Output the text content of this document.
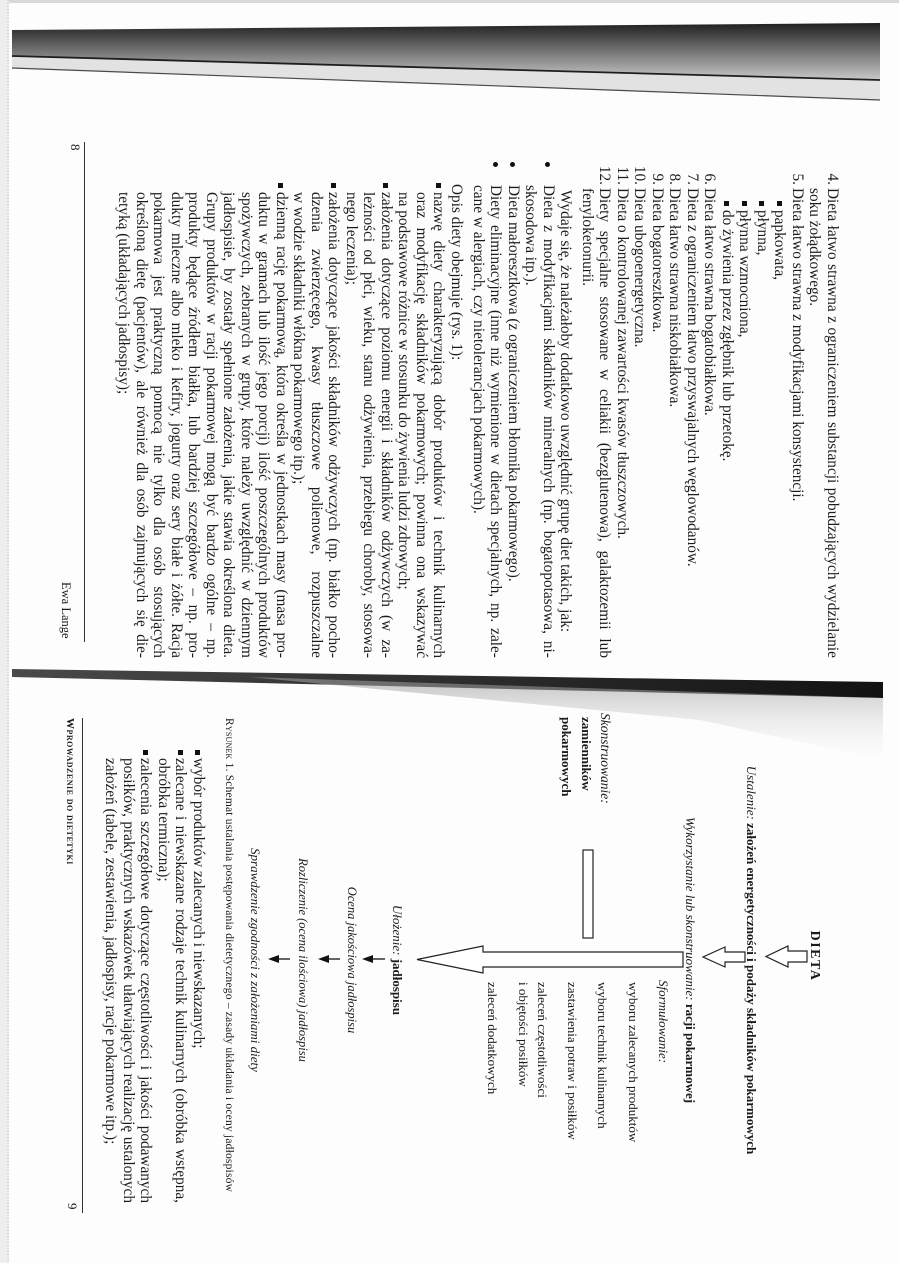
4.
Dieta
łatwo
strawna
z
ograniczeniem
substancji
pobudzających
wydzielanie
soku żołądkowego.
5.
Dieta łatwo strawna z modyfikacjami konsystencji.
papkowata,
płynna,
płynna wzmocniona,
do żywienia przez zgłębnik lub przetokę.
6.
Dieta łatwo strawna bogatobiałkowa.
7.
Dieta z ograniczeniem łatwo przyswajalnych węglowodanów.
8.
Dieta łatwo strawna niskobiałkowa.
9.
Dieta bogatoresztkowa.
10.
Dieta ubogoenergetyczna.
11.
Dieta o kontrolowanej zawartości kwasów tłuszczowych.
12.
Diety
specjalne
stosowane
w
celiakii
(bezglutenowa),
galaktozemii
lub
fenyloketonurii.
Wydaje się, że należałoby dodatkowo uwzględnić grupę diet takich, jak:
Dieta
z
modyfikacjami
składników
mineralnych
(np.
bogatopotasowa,
ni-
skosodowa itp.).
Dieta małoresztkowa (z ograniczeniem błonnika pokarmowego).
Diety
eliminacyjne
(inne
niż
wymienione
w
dietach
specjalnych,
np.
zale-
cane w alergiach, czy nietolerancjach pokarmowych).
Opis diety obejmuje (rys. 1):
nazwę
diety
charakteryzującą
dobór
produktów
i
technik
kulinarnych
oraz
modyfikację
składników
pokarmowych;
powinna
ona
wskazywać
na podstawowe różnice w stosunku do żywienia ludzi zdrowych;
założenia
dotyczące
poziomu
energii
i
składników
odżywczych
(w
za-
leżności
od
płci,
wieku,
stanu
odżywienia,
przebiegu
choroby,
stosowa-
nego leczenia);
założenia
dotyczące
jakości
składników
odżywczych
(np.
białko
pocho-
dzenia
zwierzęcego,
kwasy
tłuszczowe
polienowe,
rozpuszczalne
w wodzie składniki włókna pokarmowego itp.);
dzienną
rację
pokarmową,
która
określa
w
jednostkach
masy
(masa
pro-
duktu
w
gramach
lub
ilość
jego
porcji)
ilość
poszczególnych
produktów
spożywczych,
zebranych
w
grupy,
które
należy
uwzględnić
w
dziennym
jadłospisie,
by
zostały
spełnione
założenia,
jakie
stawia
określona
dieta.
Grupy
produktów
w
racji
pokarmowej
mogą
być
bardzo
ogólne
–
np.
produkty
będące
źródłem
białka,
lub
bardziej
szczegółowe
–
np.
pro-
dukty
mleczne
albo
mleko
i
kefiry,
jogurty
oraz
sery
białe
i
żółte.
Racja
pokarmowa
jest
praktyczną
pomocą
nie
tylko
dla
osób
stosujących
określoną
dietę
(pacjentów),
ale
również
dla
osób
zajmujących
się
die-
tetyką (układających jadłospisy);
8
Ewa Lange
DIETA
Ustalenie: założeń energetyczności i podaży składników pokarmowych
Wykorzystanie lub skonstruowanie: racji pokarmowej
Sformułowanie:
wyboru zalecanych produktów
wyboru technik kulinarnych
zastawienia potraw i posiłków
zaleceń częstotliwości
i objętości posiłków
zaleceń dodatkowych
Skonstruowanie:
zamienników
pokarmowych
Ułożenie: jadłospisu
Ocena jakościowa jadłospisu
Rozliczenie (ocena ilościowa) jadłospisu
Sprawdzenie zgodności z założeniami diety
Rysunek 1. Schemat ustalania postępowania dietetycznego – zasady układania i oceny jadłospisów
wybór produktów zalecanych i niewskazanych;
zalecane
i
niewskazane
rodzaje
technik
kulinarnych
(obróbka
wstępna,
obróbka termiczna);
zalecenia
szczegółowe
dotyczące
częstotliwości
i
jakości
podawanych
posiłków,
praktycznych
wskazówek
ułatwiających
realizację
ustalonych
założeń (tabele, zestawienia, jadłospisy, racje pokarmowe itp.);
Wprowadzenie do dietetyki
9
